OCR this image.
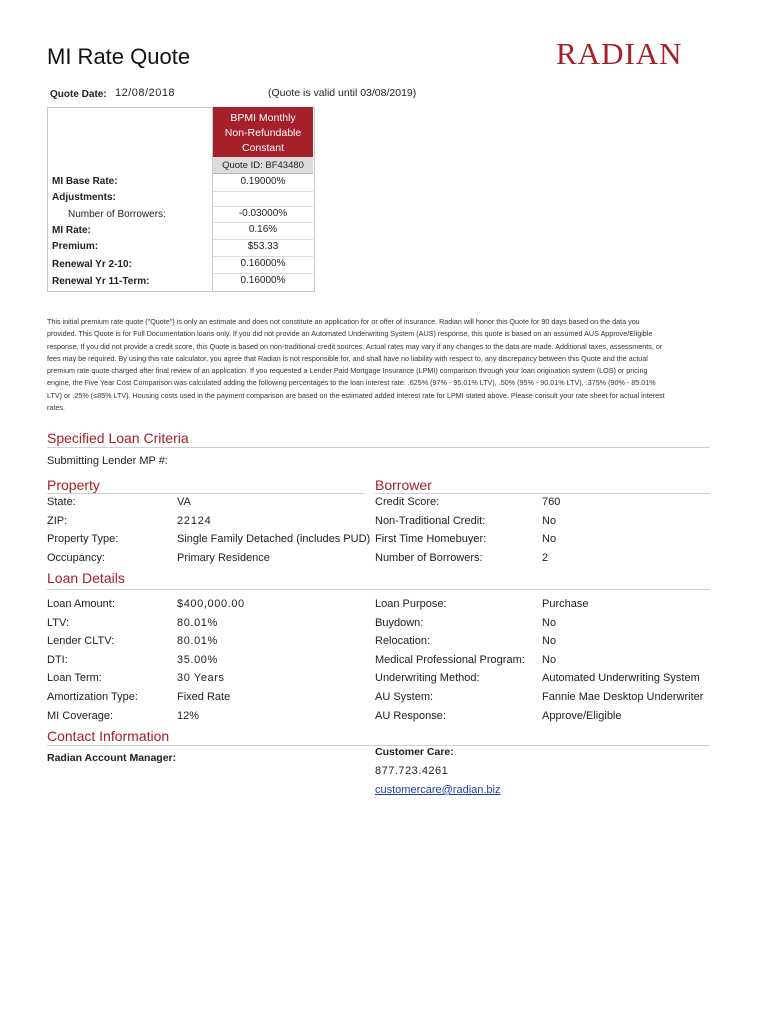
MI Rate Quote	RADIAN
Quote Date: 12/08/2018	(Quote is valid until 03/08/2019)
BPMI Monthly
Non-Refundable
Constant
Quote ID: BF43480
MI Base Rate:	0.19000%
Adjustments:
Number of Borrowers:	-0.03000%
MI Rate:	0.16%
Premium:	$53.33
Renewal Yr 2-10:	0.16000%
Renewal Yr 11-Term:	0.16000%
This initial premium rate quote ("Quote") is only an estimate and does not constitute an application for or offer of insurance. Radian will honor this Quote for 90 days based on the data you provided. This Quote is for Full Documentation loans only. If you did not provide an Automated Underwriting System (AUS) response, this quote is based on an assumed AUS Approve/Eligible response. If you did not provide a credit score, this Quote is based on non-traditional credit sources. Actual rates may vary if any changes to the data are made. Additional taxes, assessments, or fees may be required. By using this rate calculator, you agree that Radian is not responsible for, and shall have no liability with respect to, any discrepancy between this Quote and the actual premium rate quote charged after final review of an application. If you requested a Lender Paid Mortgage Insurance (LPMI) comparison through your loan origination system (LOS) or pricing engine, the Five Year Cost Comparison was calculated adding the following percentages to the loan interest rate: .625% (97% - 95.01% LTV), .50% (95% - 90.01% LTV), .375% (90% - 85.01% LTV) or .25% (≤85% LTV). Housing costs used in the payment comparison are based on the estimated added interest rate for LPMI stated above. Please consult your rate sheet for actual interest rates.
Specified Loan Criteria
Submitting Lender MP #:
Property
State:	VA
ZIP:	22124
Property Type:	Single Family Detached (includes PUD)
Occupancy:	Primary Residence
Borrower
Credit Score:	760
Non-Traditional Credit:	No
First Time Homebuyer:	No
Number of Borrowers:	2
Loan Details
Loan Amount:	$400,000.00
LTV:	80.01%
Lender CLTV:	80.01%
DTI:	35.00%
Loan Term:	30 Years
Amortization Type:	Fixed Rate
MI Coverage:	12%
Loan Purpose:	Purchase
Buydown:	No
Relocation:	No
Medical Professional Program: No
Underwriting Method:	Automated Underwriting System
AU System:	Fannie Mae Desktop Underwriter
AU Response:	Approve/Eligible
Contact Information
Radian Account Manager:	Customer Care:
877.723.4261
customercare@radian.biz
